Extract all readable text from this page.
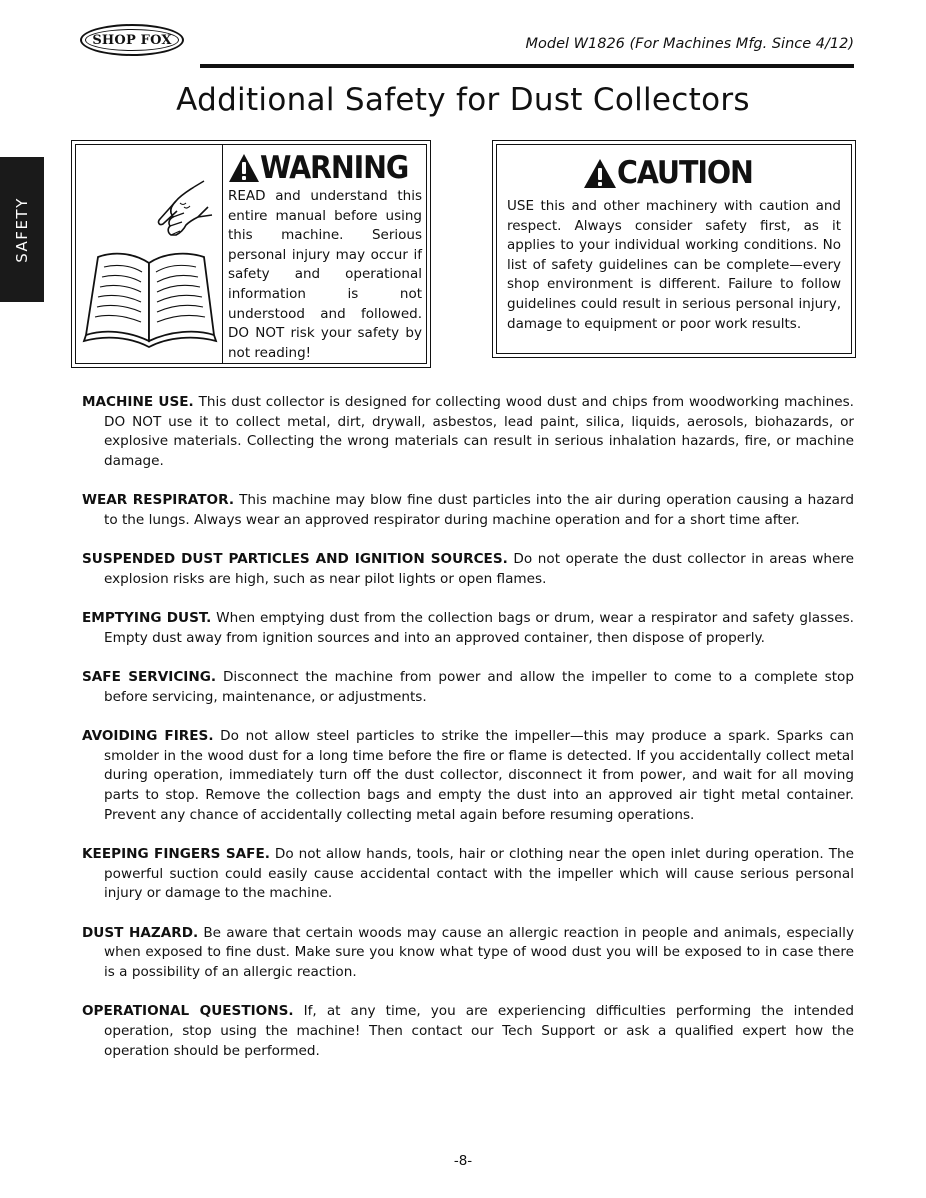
SHOP FOX	Model W1826 (For Machines Mfg. Since 4/12)
Additional Safety for Dust Collectors
SAFETY
WARNING
READ and understand this entire manual before using this machine. Serious personal injury may occur if safety and operational information is not understood and followed. DO NOT risk your safety by not reading!
CAUTION
USE this and other machinery with caution and respect. Always consider safety first, as it applies to your individual working conditions. No list of safety guidelines can be complete—every shop environment is different. Failure to follow guidelines could result in serious personal injury, damage to equipment or poor work results.

MACHINE USE. This dust collector is designed for collecting wood dust and chips from woodworking machines. DO NOT use it to collect metal, dirt, drywall, asbestos, lead paint, silica, liquids, aerosols, biohazards, or explosive materials. Collecting the wrong materials can result in serious inhalation hazards, fire, or machine damage.

WEAR RESPIRATOR. This machine may blow fine dust particles into the air during operation causing a hazard to the lungs. Always wear an approved respirator during machine operation and for a short time after.

SUSPENDED DUST PARTICLES AND IGNITION SOURCES. Do not operate the dust collector in areas where explosion risks are high, such as near pilot lights or open flames.

EMPTYING DUST. When emptying dust from the collection bags or drum, wear a respirator and safety glasses. Empty dust away from ignition sources and into an approved container, then dispose of properly.

SAFE SERVICING. Disconnect the machine from power and allow the impeller to come to a complete stop before servicing, maintenance, or adjustments.

AVOIDING FIRES. Do not allow steel particles to strike the impeller—this may produce a spark. Sparks can smolder in the wood dust for a long time before the fire or flame is detected. If you accidentally collect metal during operation, immediately turn off the dust collector, disconnect it from power, and wait for all moving parts to stop. Remove the collection bags and empty the dust into an approved air tight metal container. Prevent any chance of accidentally collecting metal again before resuming operations.

KEEPING FINGERS SAFE. Do not allow hands, tools, hair or clothing near the open inlet during operation. The powerful suction could easily cause accidental contact with the impeller which will cause serious personal injury or damage to the machine.

DUST HAZARD. Be aware that certain woods may cause an allergic reaction in people and animals, especially when exposed to fine dust. Make sure you know what type of wood dust you will be exposed to in case there is a possibility of an allergic reaction.

OPERATIONAL QUESTIONS. If, at any time, you are experiencing difficulties performing the intended operation, stop using the machine! Then contact our Tech Support or ask a qualified expert how the operation should be performed.

-8-
